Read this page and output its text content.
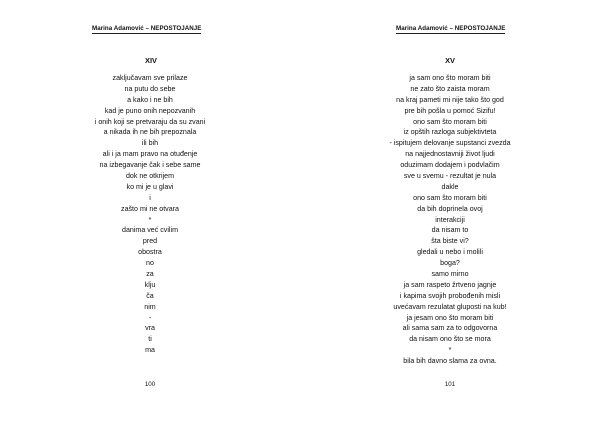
Marina Adamović – NEPOSTOJANJE
XIV
zaključavam sve prilaze
na putu do sebe
a kako i ne bih
kad je puno onih nepozvanih
i onih koji se pretvaraju da su zvani
a nikada ih ne bih prepoznala
ili bih
ali i ja mam pravo na otuđenje
na izbegavanje čak i sebe same
dok ne otkrijem
ko mi je u glavi
i
zašto mi ne otvara
*
danima već cvilim
pred
obostra
no
za
klju
ča
nim
-
vra
ti
ma
100
Marina Adamović – NEPOSTOJANJE
XV
ja sam ono što moram biti
ne zato što zaista moram
na kraj pameti mi nije tako što god
pre bih pošla u pomoć Sizifu!
ono sam što moram biti
iz opštih razloga subjektivteta
- ispitujem delovanje supstanci zvezda
na najjednostavniji život ljudi
oduzimam dodajem i podvlačim
sve u svemu - rezultat je nula
dakle
ono sam što moram biti
da bih doprinela ovoj
interakciji
da nisam to
šta biste vi?
gledali u nebo i molili
boga?
samo mirno
ja sam raspeto žrtveno jagnje
i kapima svojih probođenih misli
uvećavam rezulatat gluposti na kub!
ja jesam ono što moram biti
ali sama sam za to odgovorna
da nisam ono što se mora
*
bila bih davno slama za ovna.
101
